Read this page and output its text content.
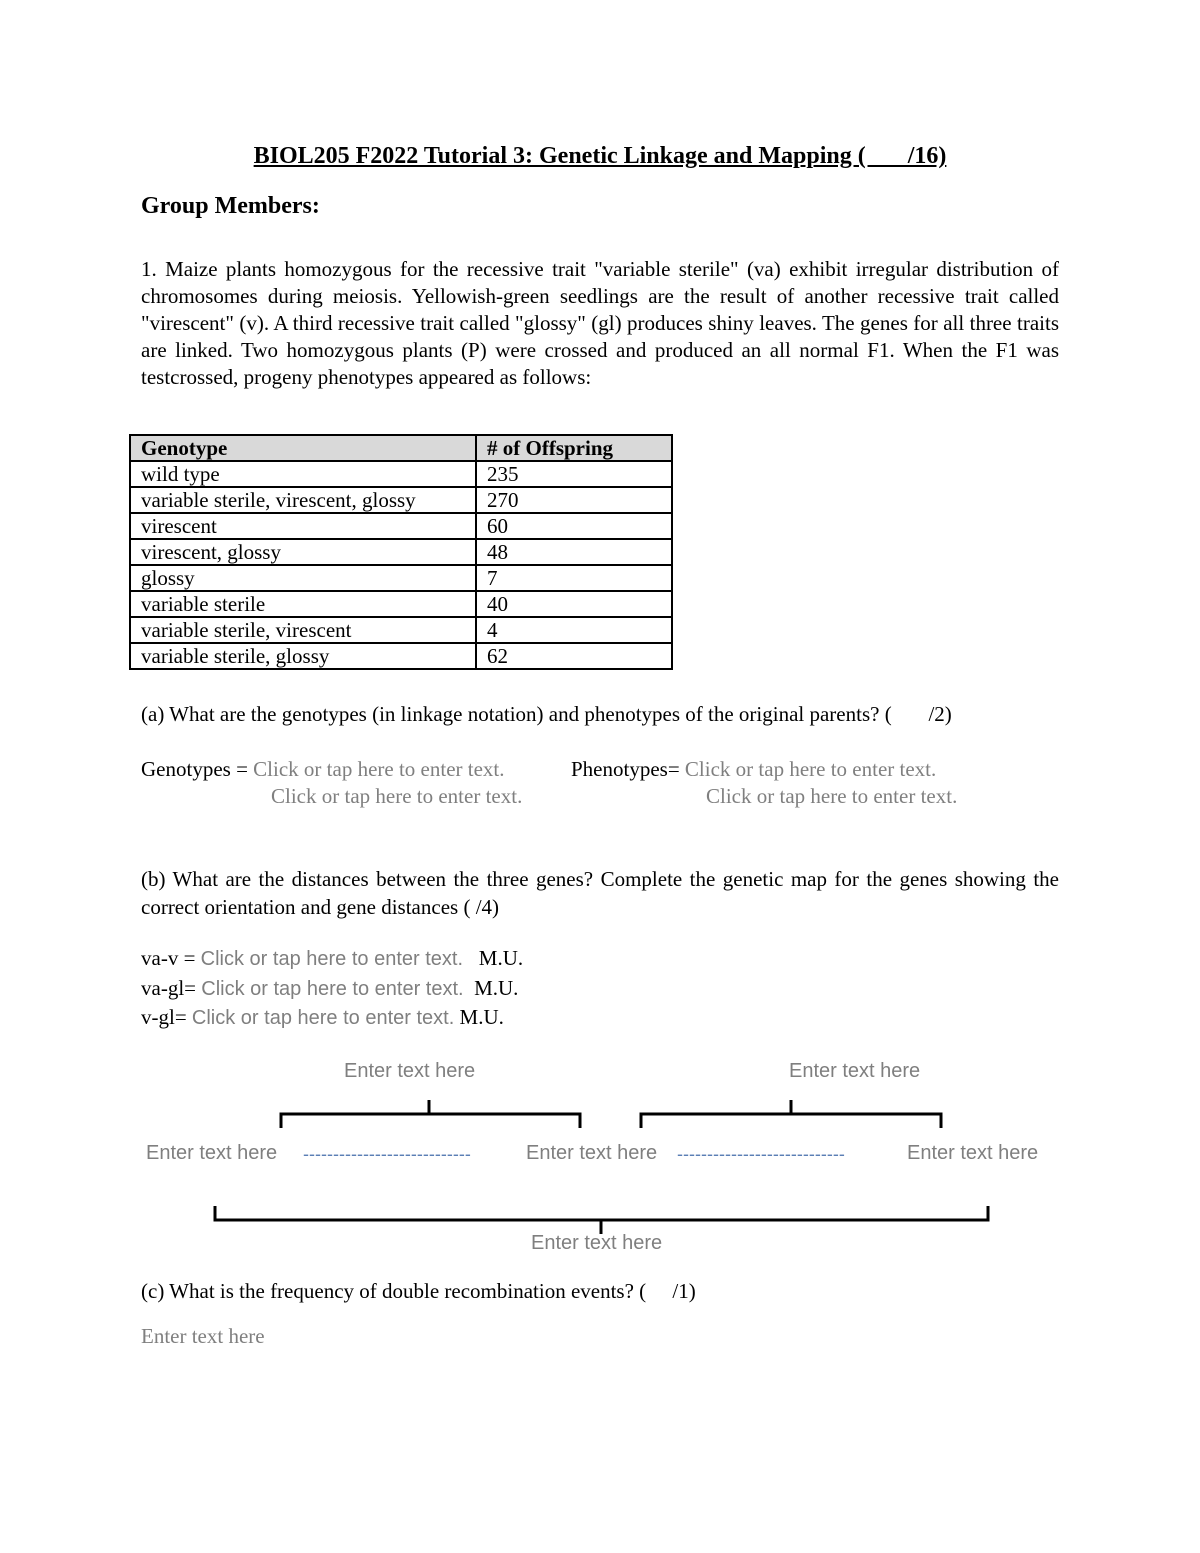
BIOL205 F2022 Tutorial 3: Genetic Linkage and Mapping (       /16)
Group Members:
1. Maize plants homozygous for the recessive trait "variable sterile" (va) exhibit irregular distribution of chromosomes during meiosis. Yellowish-green seedlings are the result of another recessive trait called "virescent" (v). A third recessive trait called "glossy" (gl) produces shiny leaves. The genes for all three traits are linked. Two homozygous plants (P) were crossed and produced an all normal F1. When the F1 was testcrossed, progeny phenotypes appeared as follows:
Genotype	# of Offspring
wild type	235
variable sterile, virescent, glossy	270
virescent	60
virescent, glossy	48
glossy	7
variable sterile	40
variable sterile, virescent	4
variable sterile, glossy	62
(a) What are the genotypes (in linkage notation) and phenotypes of the original parents? (       /2)
Genotypes = Click or tap here to enter text.
Click or tap here to enter text.
Phenotypes= Click or tap here to enter text.
Click or tap here to enter text.
(b) What are the distances between the three genes? Complete the genetic map for the genes showing the correct orientation and gene distances ( /4)
va-v = Click or tap here to enter text. M.U.
va-gl= Click or tap here to enter text. M.U.
v-gl= Click or tap here to enter text. M.U.
Enter text here	Enter text here
Enter text here ----------------------------	Enter text here ----------------------------	Enter text here
Enter text here
(c) What is the frequency of double recombination events? (     /1)
Enter text here
